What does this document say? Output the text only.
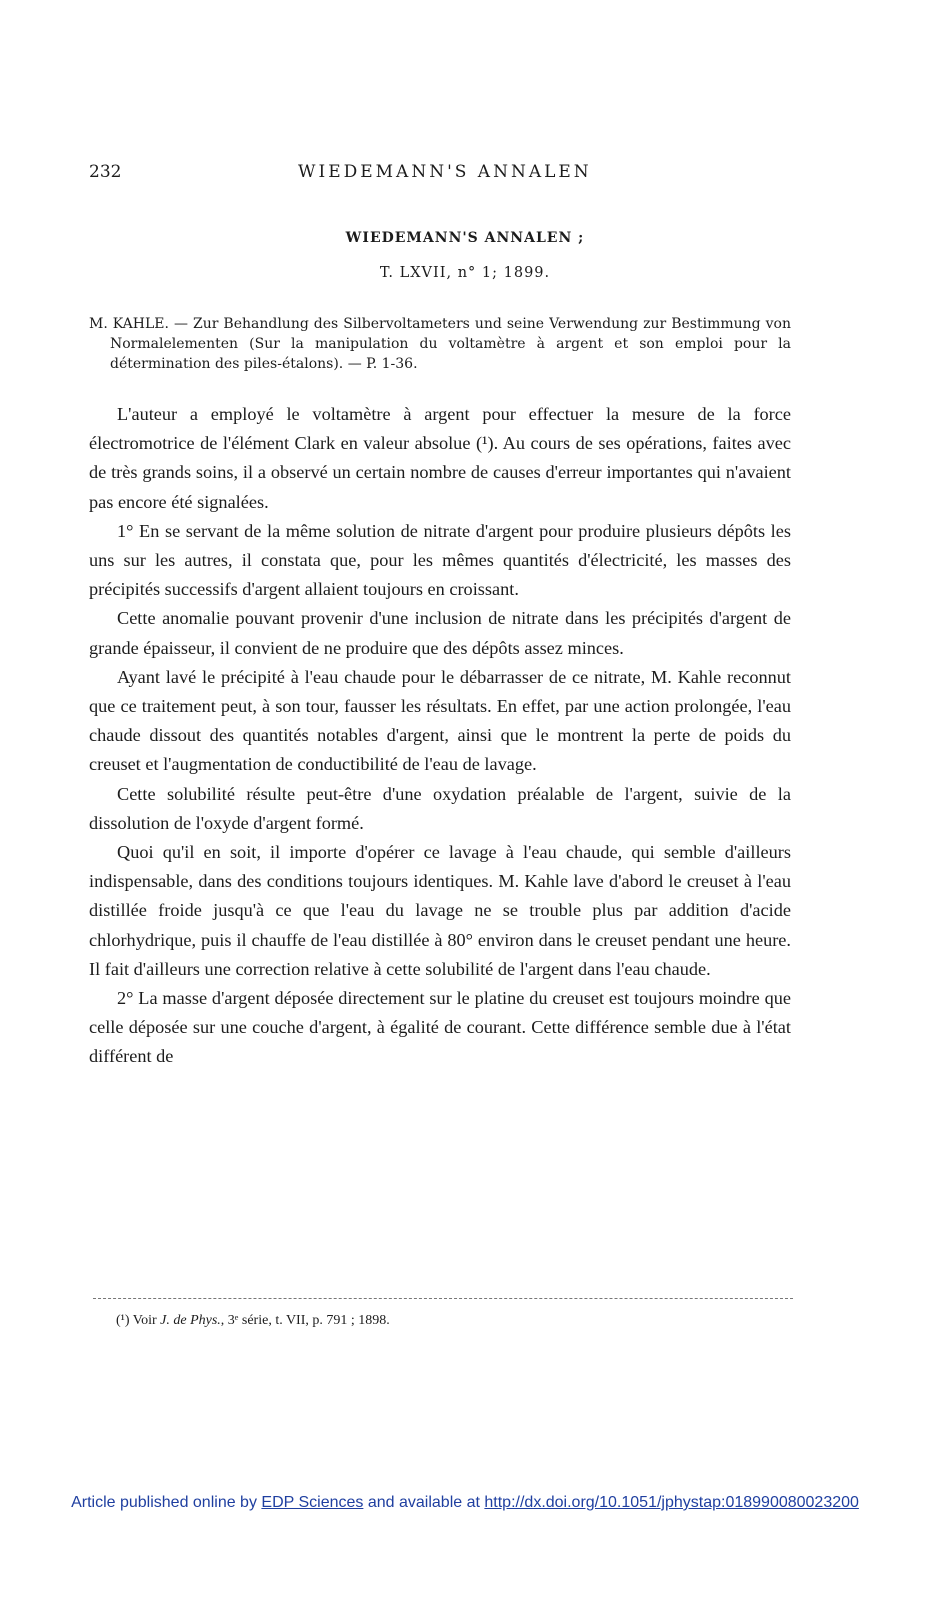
232	WIEDEMANN'S ANNALEN
WIEDEMANN'S ANNALEN ;
T. LXVII, n° 1; 1899.
M. KAHLE. — Zur Behandlung des Silbervoltameters und seine Verwendung zur Bestimmung von Normalelementen (Sur la manipulation du voltamètre à argent et son emploi pour la détermination des piles-étalons). — P. 1-36.

L'auteur a employé le voltamètre à argent pour effectuer la mesure de la force électromotrice de l'élément Clark en valeur absolue (¹). Au cours de ses opérations, faites avec de très grands soins, il a observé un certain nombre de causes d'erreur importantes qui n'avaient pas encore été signalées.

1° En se servant de la même solution de nitrate d'argent pour produire plusieurs dépôts les uns sur les autres, il constata que, pour les mêmes quantités d'électricité, les masses des précipités successifs d'argent allaient toujours en croissant.

Cette anomalie pouvant provenir d'une inclusion de nitrate dans les précipités d'argent de grande épaisseur, il convient de ne produire que des dépôts assez minces.

Ayant lavé le précipité à l'eau chaude pour le débarrasser de ce nitrate, M. Kahle reconnut que ce traitement peut, à son tour, fausser les résultats. En effet, par une action prolongée, l'eau chaude dissout des quantités notables d'argent, ainsi que le montrent la perte de poids du creuset et l'augmentation de conductibilité de l'eau de lavage.

Cette solubilité résulte peut-être d'une oxydation préalable de l'argent, suivie de la dissolution de l'oxyde d'argent formé.

Quoi qu'il en soit, il importe d'opérer ce lavage à l'eau chaude, qui semble d'ailleurs indispensable, dans des conditions toujours identiques. M. Kahle lave d'abord le creuset à l'eau distillée froide jusqu'à ce que l'eau du lavage ne se trouble plus par addition d'acide chlorhydrique, puis il chauffe de l'eau distillée à 80° environ dans le creuset pendant une heure. Il fait d'ailleurs une correction relative à cette solubilité de l'argent dans l'eau chaude.

2° La masse d'argent déposée directement sur le platine du creuset est toujours moindre que celle déposée sur une couche d'argent, à égalité de courant. Cette différence semble due à l'état différent de

(¹) Voir J. de Phys., 3ᵉ série, t. VII, p. 791 ; 1898.
Article published online by EDP Sciences and available at http://dx.doi.org/10.1051/jphystap:018990080023200
